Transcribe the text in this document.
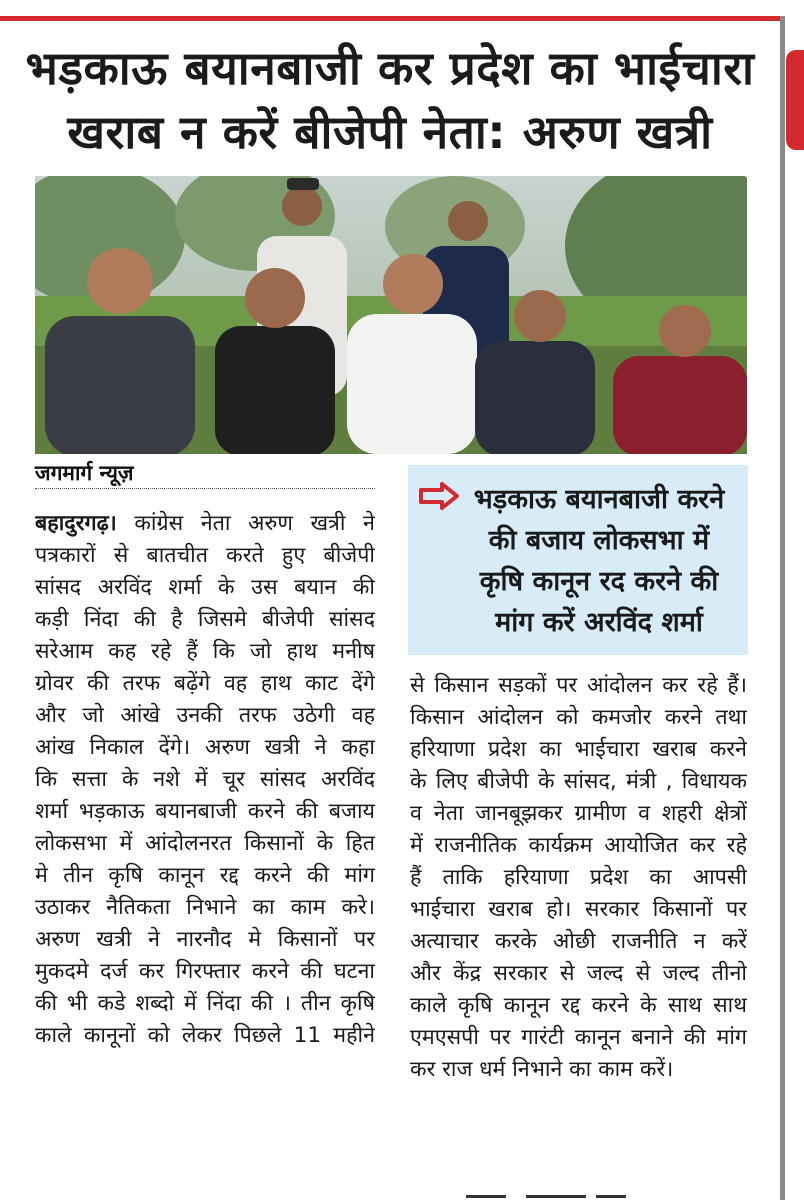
भड़काऊ बयानबाजी कर प्रदेश का भाईचारा
खराब न करें बीजेपी नेता: अरुण खत्री
जगमार्ग न्यूज़
भड़काऊ बयानबाजी करने
की बजाय लोकसभा में
कृषि कानून रद करने की
मांग करें अरविंद शर्मा
बहादुरगढ़। कांग्रेस नेता अरुण खत्री ने
पत्रकारों से बातचीत करते हुए बीजेपी
सांसद अरविंद शर्मा के उस बयान की
कड़ी निंदा की है जिसमे बीजेपी सांसद
सरेआम कह रहे हैं कि जो हाथ मनीष
ग्रोवर की तरफ बढ़ेंगे वह हाथ काट देंगे
और जो आंखे उनकी तरफ उठेगी वह
आंख निकाल देंगे। अरुण खत्री ने कहा
कि सत्ता के नशे में चूर सांसद अरविंद
शर्मा भड़काऊ बयानबाजी करने की बजाय
लोकसभा में आंदोलनरत किसानों के हित
मे तीन कृषि कानून रद्द करने की मांग
उठाकर नैतिकता निभाने का काम करे।
अरुण खत्री ने नारनौद मे किसानों पर
मुकदमे दर्ज कर गिरफ्तार करने की घटना
की भी कडे शब्दो में निंदा की । तीन कृषि
काले कानूनों को लेकर पिछले 11 महीने
से किसान सड़कों पर आंदोलन कर रहे हैं।
किसान आंदोलन को कमजोर करने तथा
हरियाणा प्रदेश का भाईचारा खराब करने
के लिए बीजेपी के सांसद, मंत्री , विधायक
व नेता जानबूझकर ग्रामीण व शहरी क्षेत्रों
में राजनीतिक कार्यक्रम आयोजित कर रहे
हैं ताकि हरियाणा प्रदेश का आपसी
भाईचारा खराब हो। सरकार किसानों पर
अत्याचार करके ओछी राजनीति न करें
और केंद्र सरकार से जल्द से जल्द तीनो
काले कृषि कानून रद्द करने के साथ साथ
एमएसपी पर गारंटी कानून बनाने की मांग
कर राज धर्म निभाने का काम करें।
